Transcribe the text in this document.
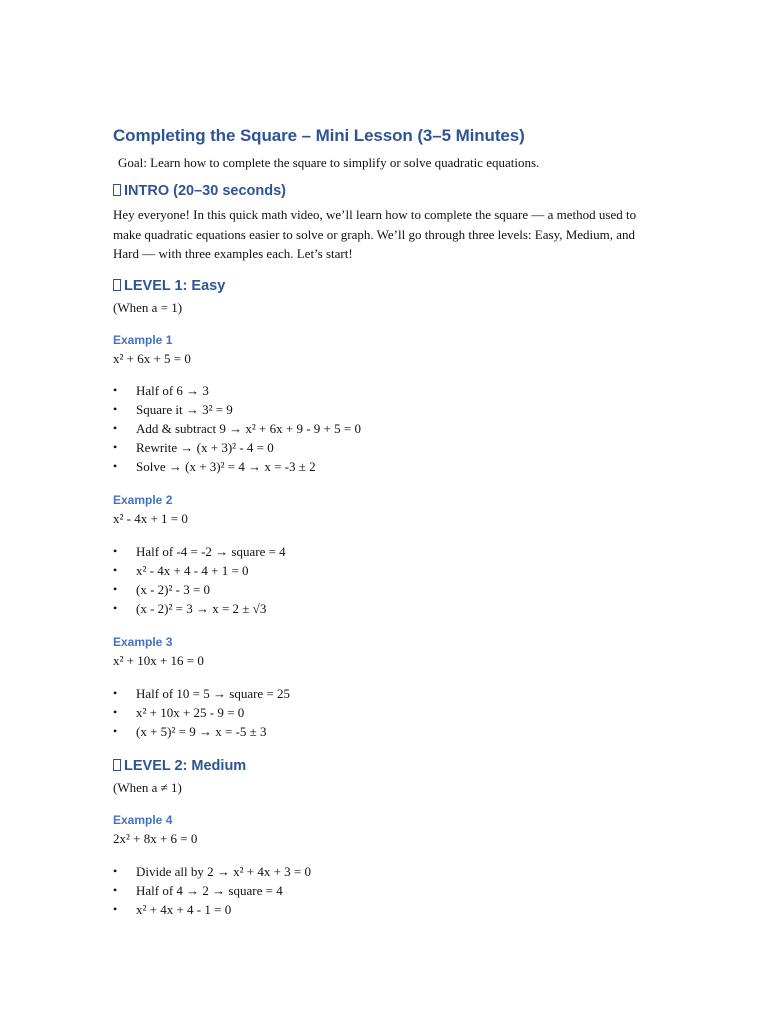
Completing the Square – Mini Lesson (3–5 Minutes)

Goal: Learn how to complete the square to simplify or solve quadratic equations.

INTRO (20–30 seconds)

Hey everyone! In this quick math video, we’ll learn how to complete the square — a method used to make quadratic equations easier to solve or graph. We’ll go through three levels: Easy, Medium, and Hard — with three examples each. Let’s start!

LEVEL 1: Easy

(When a = 1)

Example 1

x² + 6x + 5 = 0

• Half of 6 → 3
• Square it → 3² = 9
• Add & subtract 9 → x² + 6x + 9 - 9 + 5 = 0
• Rewrite → (x + 3)² - 4 = 0
• Solve → (x + 3)² = 4 → x = -3 ± 2
Example 2

x² - 4x + 1 = 0

• Half of -4 = -2 → square = 4
• x² - 4x + 4 - 4 + 1 = 0
• (x - 2)² - 3 = 0
• (x - 2)² = 3 → x = 2 ± √3
Example 3

x² + 10x + 16 = 0

• Half of 10 = 5 → square = 25
• x² + 10x + 25 - 9 = 0
• (x + 5)² = 9 → x = -5 ± 3
LEVEL 2: Medium

(When a ≠ 1)

Example 4

2x² + 8x + 6 = 0

• Divide all by 2 → x² + 4x + 3 = 0
• Half of 4 → 2 → square = 4
• x² + 4x + 4 - 1 = 0
